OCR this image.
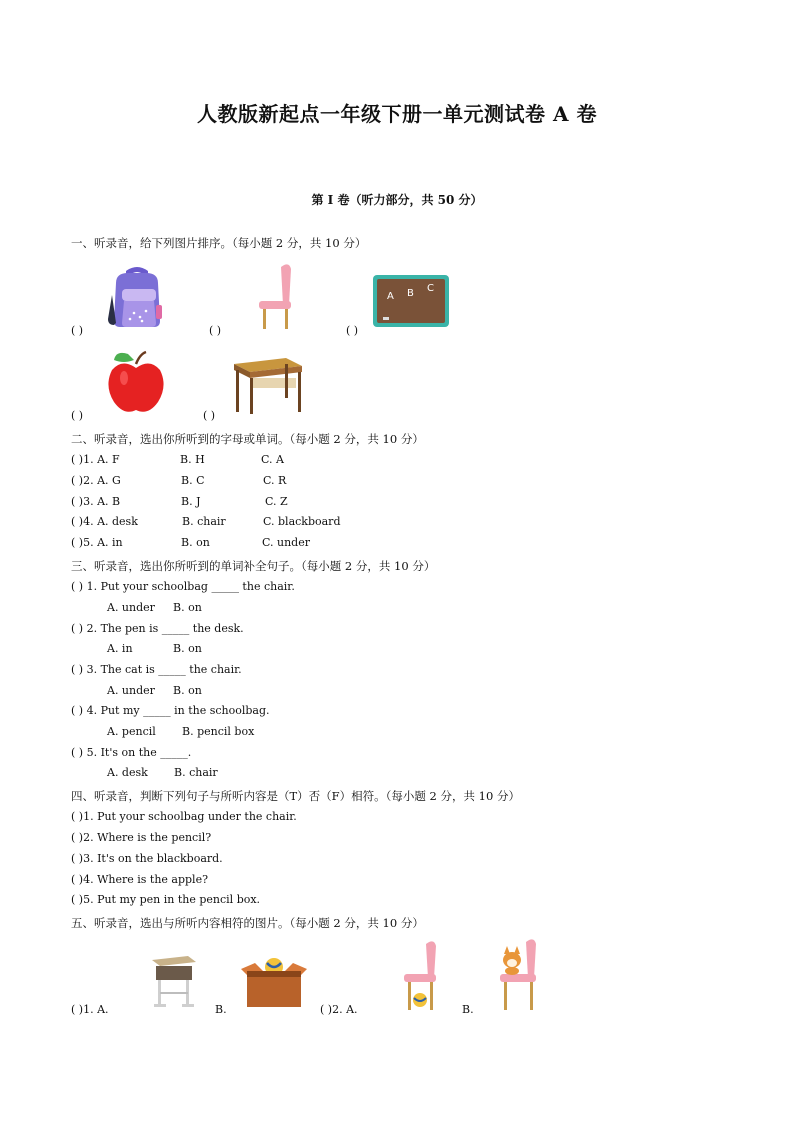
人教版新起点一年级下册一单元测试卷 A 卷
第 I 卷（听力部分，共 50 分）
一、听录音，给下列图片排序。（每小题 2 分，共 10 分）
( )	( )
A B C
( )
( )	( )
二、听录音，选出你所听到的字母或单词。（每小题 2 分，共 10 分）
( )1. A. F	B. H	C. A
( )2. A. G	B. C	C. R
( )3. A. B	B. J	C. Z
( )4. A. desk	B. chair	C. blackboard
( )5. A. in	B. on	C. under
三、听录音，选出你所听到的单词补全句子。（每小题 2 分，共 10 分）
( ) 1. Put your schoolbag _____ the chair.
A. under B. on
( ) 2. The pen is _____ the desk.
A. in	B. on
( ) 3. The cat is _____ the chair.
A. under B. on
( ) 4. Put my _____ in the schoolbag.
A. pencil B. pencil box
( ) 5. It's on the _____.
A. desk B. chair
四、听录音，判断下列句子与所听内容是（T）否（F）相符。（每小题 2 分，共 10 分）
( )1. Put your schoolbag under the chair.
( )2. Where is the pencil?
( )3. It's on the blackboard.
( )4. Where is the apple?
( )5. Put my pen in the pencil box.
五、听录音，选出与所听内容相符的图片。（每小题 2 分，共 10 分）
( )1. A.	B.	( )2. A.	B.
